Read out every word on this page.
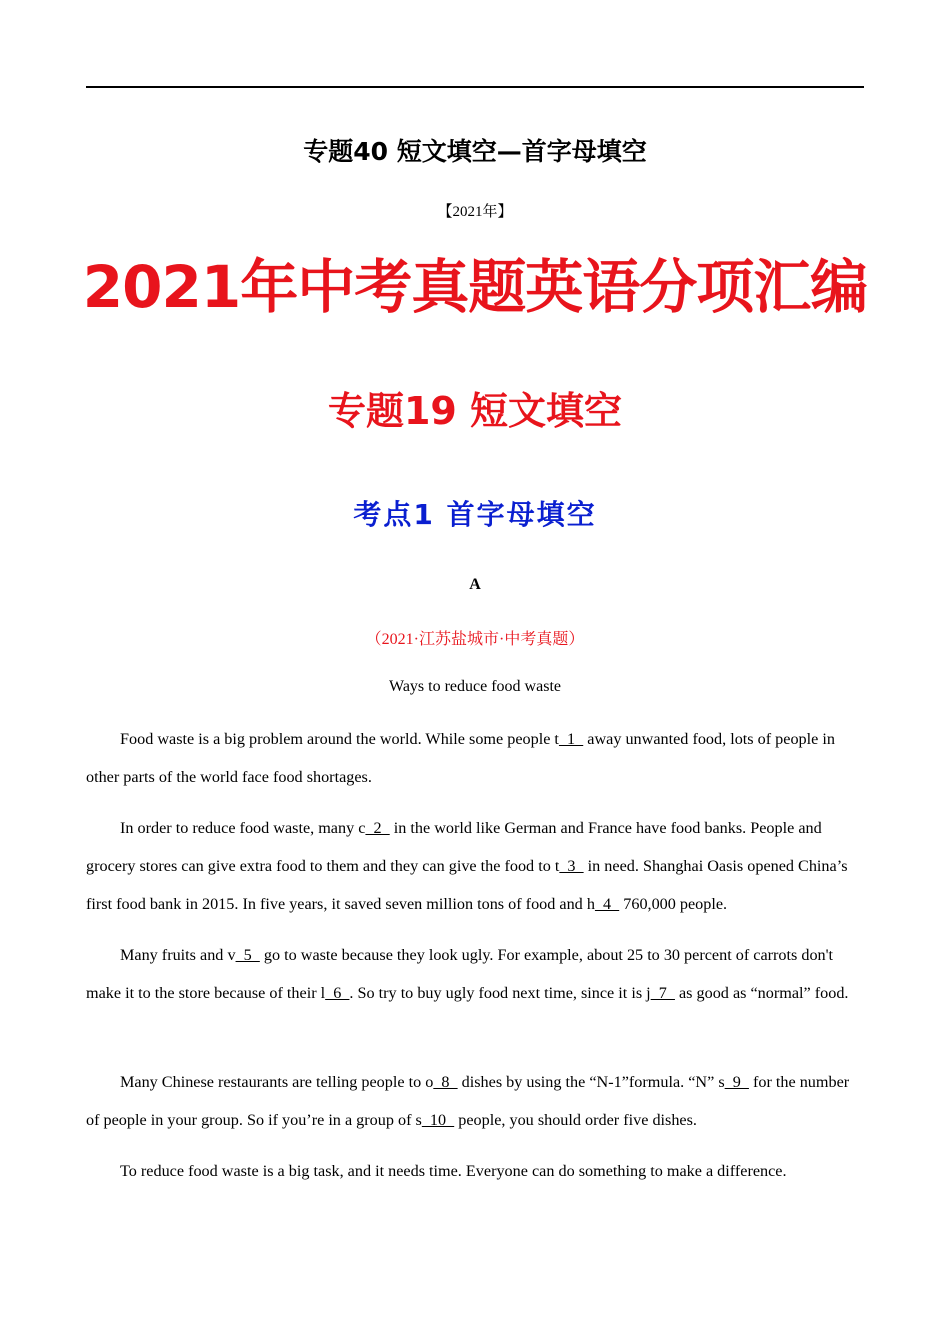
专题40 短文填空—首字母填空
【2021年】
2021年中考真题英语分项汇编
专题19 短文填空
考点1 首字母填空
A
（2021·江苏盐城市·中考真题）
Ways to reduce food waste

Food waste is a big problem around the world. While some people t  1   away unwanted food, lots of people in other parts of the world face food shortages.

In order to reduce food waste, many c  2   in the world like German and France have food banks. People and grocery stores can give extra food to them and they can give the food to t  3   in need. Shanghai Oasis opened China’s first food bank in 2015. In five years, it saved seven million tons of food and h  4   760,000 people.

Many fruits and v  5   go to waste because they look ugly. For example, about 25 to 30 percent of carrots don't make it to the store because of their l  6  . So try to buy ugly food next time, since it is j  7   as good as “normal” food.

Many Chinese restaurants are telling people to o  8   dishes by using the “N-1”formula. “N” s  9   for the number of people in your group. So if you’re in a group of s  10   people, you should order five dishes.

To reduce food waste is a big task, and it needs time. Everyone can do something to make a difference.
